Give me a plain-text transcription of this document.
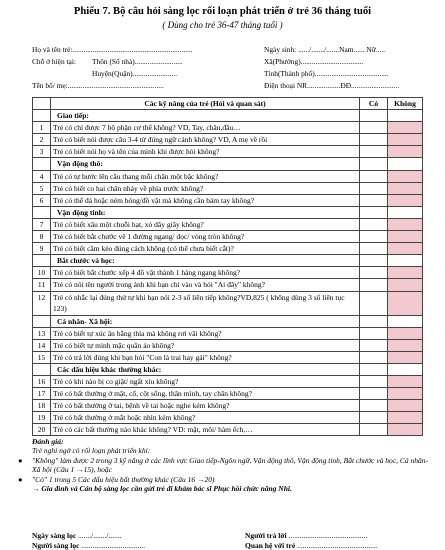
Phiếu 7. Bộ câu hỏi sàng lọc rối loạn phát triển ở trẻ 36 tháng tuổi
( Dùng cho trẻ 36-47 tháng tuổi )
Họ và tên trẻ:.................................................................	Ngày sinh: ....../......./.......Nam...... Nữ.....
Chỗ ở hiện tại: Thôn (Số nhà)..........................	Xã(Phường)..................................
Huyện(Quận)........................	Tỉnh(Thành phố)........................................
Tên bố/ mẹ:....................................................	Điện thoại NR..................ĐĐ..........................
	Các kỹ năng của trẻ (Hỏi và quan sát)	Có	Không
	Giao tiếp:		
1	Trẻ có chỉ được 7 bộ phận cơ thể không? VD, Tay, chân,đầu…		
2	Trẻ có biết nói được câu 3-4 từ đúng ngữ cảnh không? VD, A mẹ về rồi		
3	Trẻ có biết nói họ và tên của mình khi được hỏi không?		
	Vận động thô:		
4	Trẻ có tự bước lên cầu thang mỗi chân một bậc không?		
5	Trẻ có biết co hai chân nhảy về phía trước không?		
6	Trẻ có thể đá hoặc ném bóng/đồ vật mà không cần bám tay không?		
	Vận động tinh:		
7	Trẻ có biết xâu một chuỗi hạt, xỏ dây giầy không?		
8	Trẻ có biết bắt chước vẽ 1 đường ngang/ dọc/ vòng tròn không?		
9	Trẻ có biết cầm kéo đúng cách không (có thể chưa biết cắt)?		
	Bắt chước và học:		
10	Trẻ có biết bắt chước xếp 4 đồ vật thành 1 hàng ngang không?		
11	Trẻ có nói tên người trong ảnh khi bạn chỉ vào và hỏi "Ai đây" không?		
12	Trẻ có nhắc lại đúng thứ tự khi bạn nói 2-3 số liên tiếp không?VD,825 ( không dùng 3 số liên tục 123)		
	Cá nhân- Xã hội:		
13	Trẻ có biết tự xúc ăn bằng thìa mà không rơi vãi không?		
14	Trẻ có biết tự mình mặc quần áo không?		
15	Trẻ có trả lời đúng khi bạn hỏi "Con là trai hay gái" không?		
	Các dấu hiệu khác thường khác:		
16	Trẻ có khi nào bị co giật/ ngất xỉu không?		
17	Trẻ có bất thường ở mặt, cổ, cột sống, thân mình, tay chân không?		
18	Trẻ có bất thường ở tai, bệnh về tai hoặc nghe kém không?		
19	Trẻ có bất thường ở mắt hoặc nhìn kém không?		
20	Trẻ có các bất thường nào khác không? VD: mặt, môi/ hàm ếch,…		
Đánh giá:
Trẻ nghi ngờ có rối loạn phát triển khi:
● "Không" làm được 2 trong 3 kỹ năng ở các lĩnh vực Giao tiếp-Ngôn ngữ, Vận động thô, Vận động tinh, Bắt chước và học, Cá nhân- Xã hội (Câu 1 →15), hoặc
● "Có" 1 trong 5 Các dấu hiệu bất thường khác (Câu 16 →20)
→ Gia đình và Cán bộ sàng lọc cần gửi trẻ đi khám bác sĩ Phục hồi chức năng Nhi.
Ngày sàng lọc ......./......./.......	Người trả lời ..........................................
Người sàng lọc ..................................	Quan hệ với trẻ ...........................................
